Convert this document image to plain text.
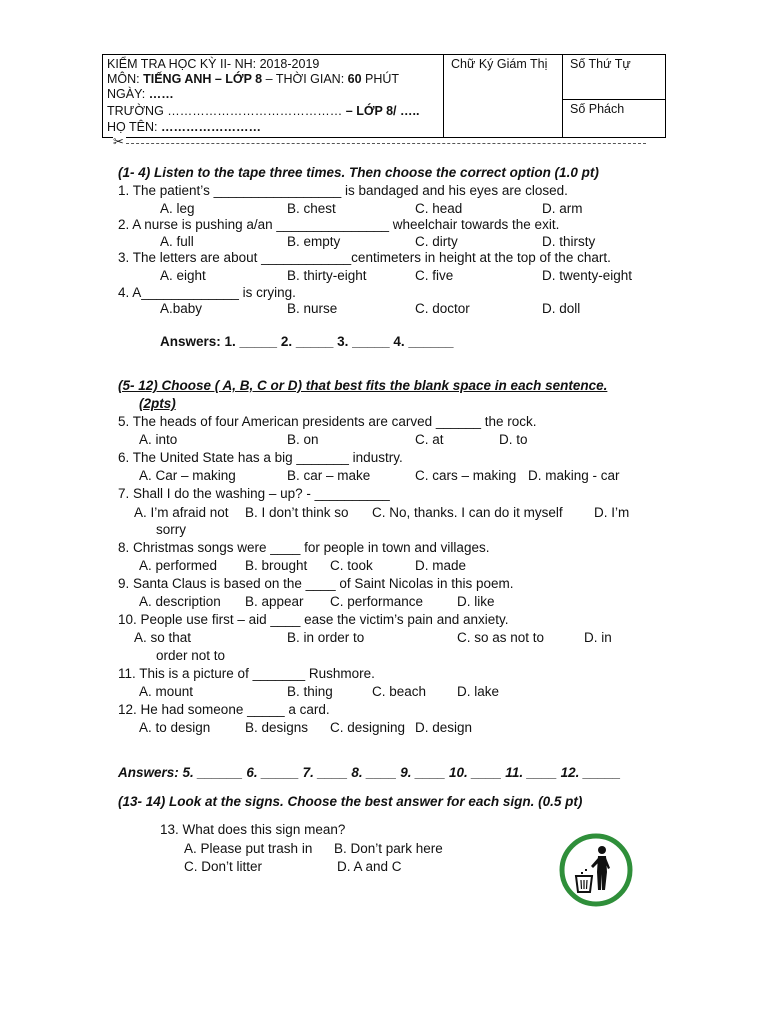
KIỂM TRA HỌC KỲ II- NH: 2018-2019
MÔN: TIẾNG ANH – LỚP 8 – THỜI GIAN: 60 PHÚT
NGÀY: ……
TRƯỜNG …………………………………… – LỚP 8/ …..
HỌ TÊN: ……………………
Chữ Ký Giám Thị Số Thứ Tự
Số Phách
✂
(1- 4) Listen to the tape three times. Then choose the correct option (1.0 pt)
1. The patient’s _________________ is bandaged and his eyes are closed.
A. leg	B. chest	C. head	D. arm
2. A nurse is pushing a/an _______________ wheelchair towards the exit.
A. full	B. empty	C. dirty	D. thirsty
3. The letters are about ____________centimeters in height at the top of the chart.
A. eight	B. thirty-eight	C. five	D. twenty-eight
4. A_____________ is crying.
A.baby	B. nurse	C. doctor	D. doll
Answers: 1. _____ 2. _____ 3. _____ 4. ______
(5- 12) Choose ( A, B, C or D) that best fits the blank space in each sentence.
(2pts)
5. The heads of four American presidents are carved ______ the rock.
A. into	B. on	C. at	D. to
6. The United State has a big _______ industry.
A. Car – making	B. car – make	C. cars – making D. making - car
7. Shall I do the washing – up? - __________
A. I’m afraid not B. I don’t think so C. No, thanks. I can do it myself D. I’m
sorry
8. Christmas songs were ____ for people in town and villages.
A. performed B. brought C. took	D. made
9. Santa Claus is based on the ____ of Saint Nicolas in this poem.
A. description B. appear C. performance	D. like
10. People use first – aid ____ ease the victim’s pain and anxiety.
A. so that	B. in order to	C. so as not to	D. in
order not to
11. This is a picture of _______ Rushmore.
A. mount	B. thing	C. beach D. lake
12. He had someone _____ a card.
A. to design	B. designs C. designing D. design
Answers: 5. ______ 6. _____ 7. ____ 8. ____ 9. ____ 10. ____ 11. ____ 12. _____
(13- 14) Look at the signs. Choose the best answer for each sign. (0.5 pt)
13. What does this sign mean?
A. Please put trash in B. Don’t park here
C. Don’t litter	D. A and C
